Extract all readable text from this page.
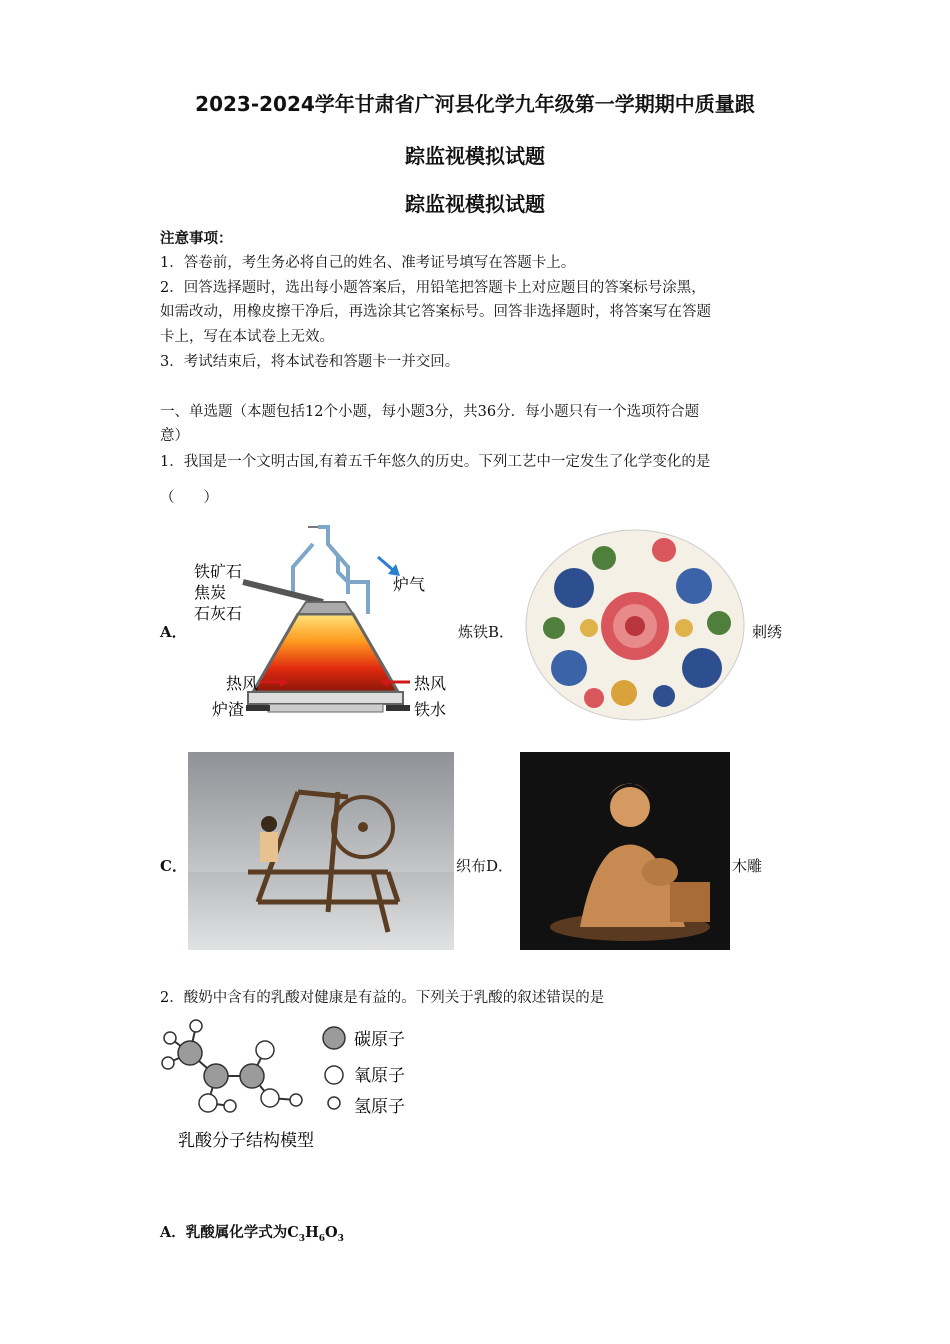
2023-2024学年甘肃省广河县化学九年级第一学期期中质量跟
踪监视模拟试题
踪监视模拟试题
注意事项：
1．答卷前，考生务必将自己的姓名、准考证号填写在答题卡上。
2．回答选择题时，选出每小题答案后，用铅笔把答题卡上对应题目的答案标号涂黑，
如需改动，用橡皮擦干净后，再选涂其它答案标号。回答非选择题时，将答案写在答题
卡上，写在本试卷上无效。
3．考试结束后，将本试卷和答题卡一并交回。
一、单选题（本题包括12个小题，每小题3分，共36分．每小题只有一个选项符合题
意）
1．我国是一个文明古国,有着五千年悠久的历史。下列工艺中一定发生了化学变化的是
（　　）
A．
铁矿石
焦炭
石灰石
炉气
热风	热风
炉渣	铁水
炼铁B．	刺绣
C．	织布D．	木雕
2．酸奶中含有的乳酸对健康是有益的。下列关于乳酸的叙述错误的是
碳原子
氧原子
氢原子
乳酸分子结构模型
A．乳酸属化学式为$C_3H_6O_3$
